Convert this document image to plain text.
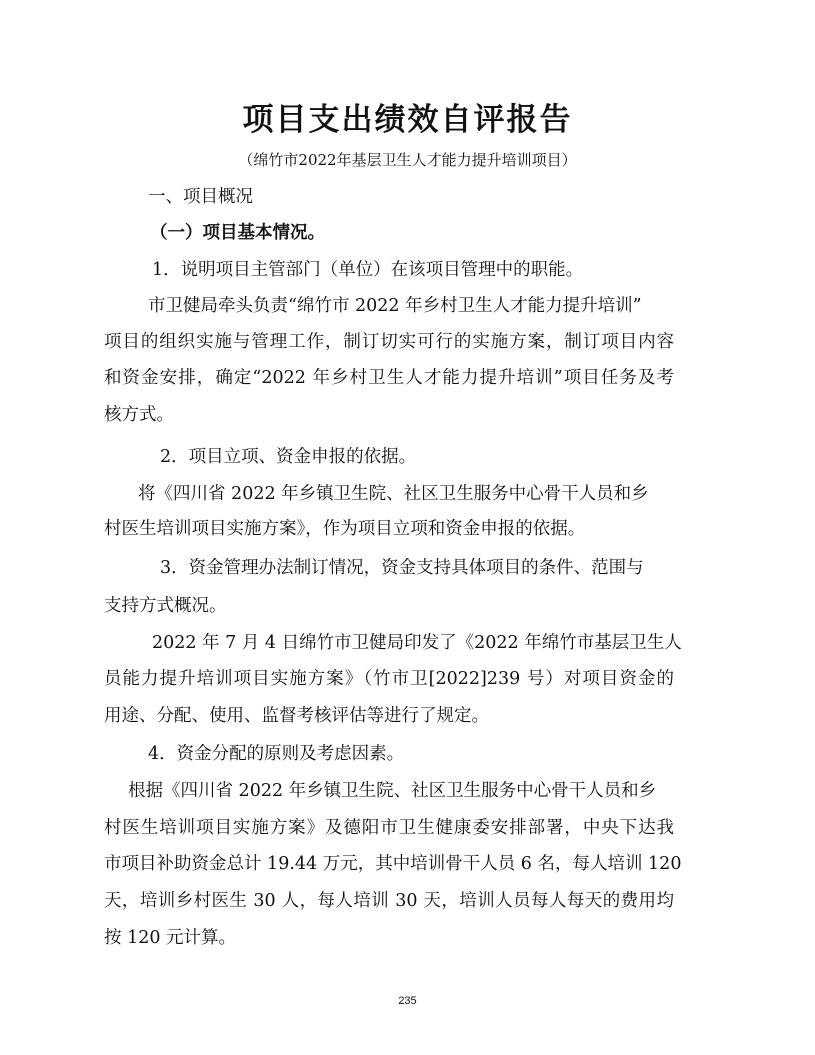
项目支出绩效自评报告
（绵竹市2022年基层卫生人才能力提升培训项目）
一、项目概况
（一）项目基本情况。
1．说明项目主管部门（单位）在该项目管理中的职能。
市卫健局牵头负责“绵竹市 2022 年乡村卫生人才能力提升培训”
项目的组织实施与管理工作，制订切实可行的实施方案，制订项目内容
和资金安排，确定“2022 年乡村卫生人才能力提升培训”项目任务及考
核方式。
2．项目立项、资金申报的依据。
将《四川省 2022 年乡镇卫生院、社区卫生服务中心骨干人员和乡
村医生培训项目实施方案》，作为项目立项和资金申报的依据。
3．资金管理办法制订情况，资金支持具体项目的条件、范围与
支持方式概况。
2022 年 7 月 4 日绵竹市卫健局印发了《2022 年绵竹市基层卫生人
员能力提升培训项目实施方案》（竹市卫[2022]239 号）对项目资金的
用途、分配、使用、监督考核评估等进行了规定。
4．资金分配的原则及考虑因素。
根据《四川省 2022 年乡镇卫生院、社区卫生服务中心骨干人员和乡
村医生培训项目实施方案》及德阳市卫生健康委安排部署，中央下达我
市项目补助资金总计 19.44 万元，其中培训骨干人员 6 名，每人培训 120
天，培训乡村医生 30 人，每人培训 30 天，培训人员每人每天的费用均
按 120 元计算。
235
